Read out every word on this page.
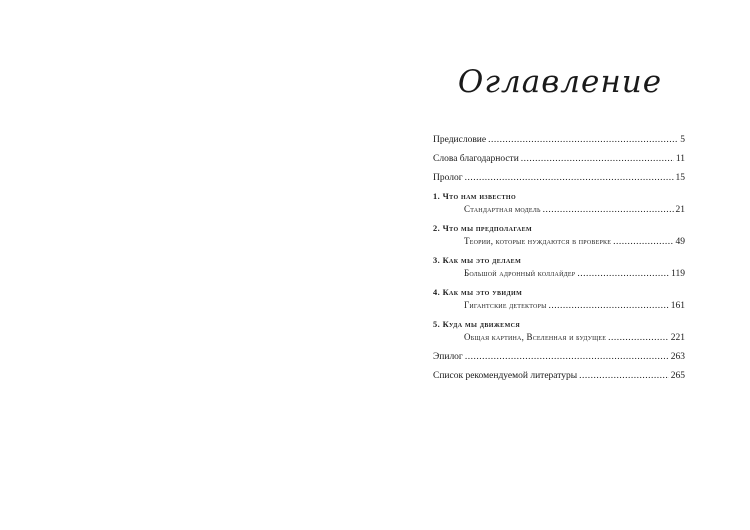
Оглавление
Предисловие .....	5
Слова благодарности .....	11
Пролог .....	15
1. Что нам известно
Стандартная модель .....	21
2. Что мы предполагаем
Теории, которые нуждаются в проверке .....	49
3. Как мы это делаем
Большой адронный коллайдер .....	119
4. Как мы это увидим
Гигантские детекторы .....	161
5. Куда мы движемся
Общая картина, Вселенная и будущее .....	221
Эпилог .....	263
Список рекомендуемой литературы .....	265
